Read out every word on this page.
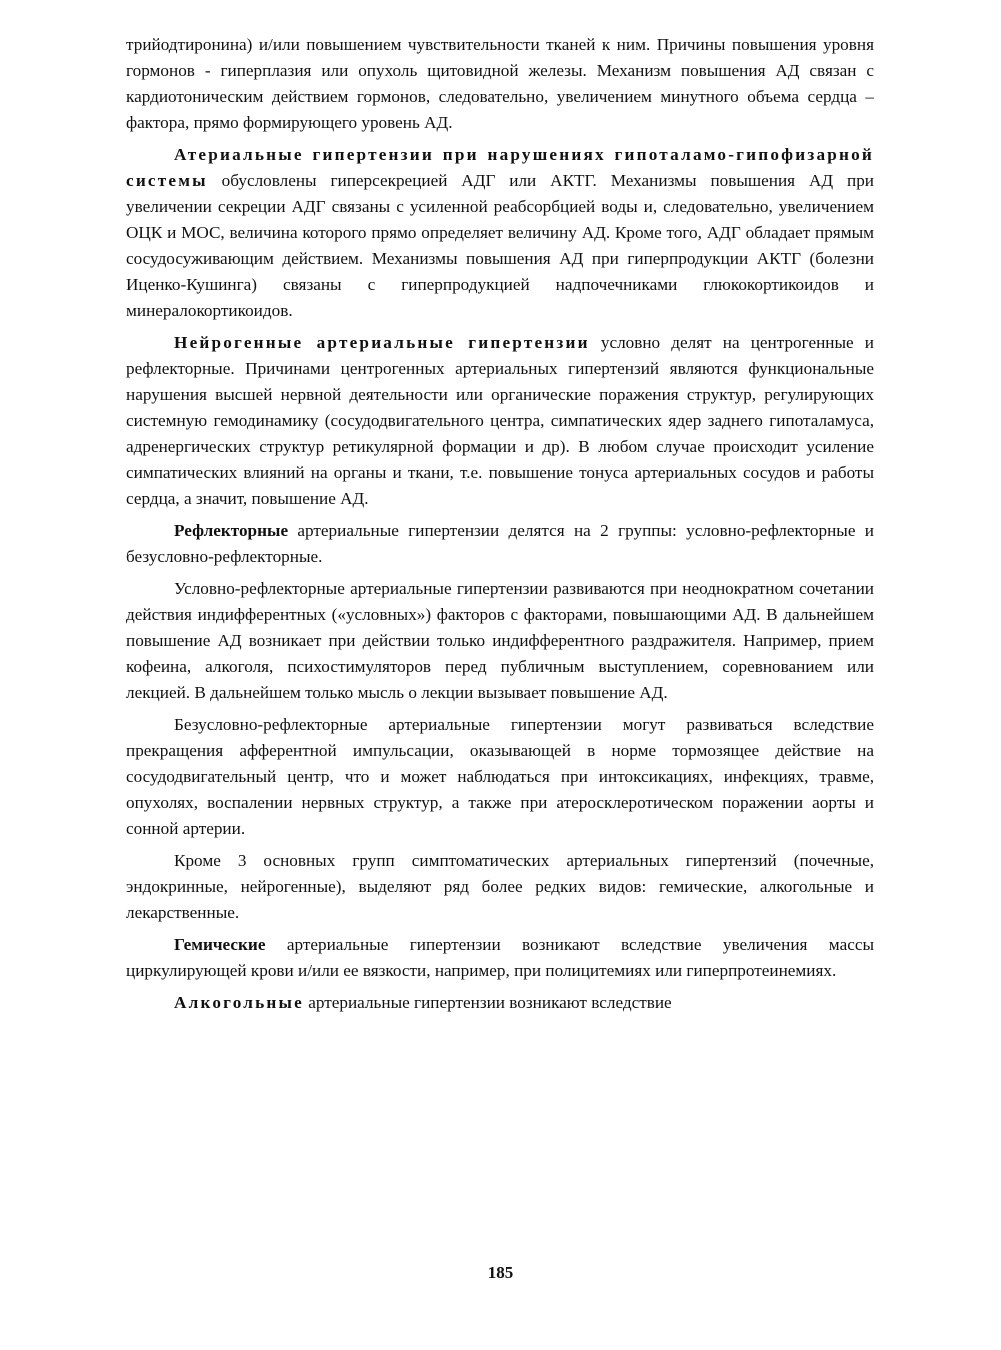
трийодтиронина) и/или повышением чувствительности тканей к ним. Причины повышения уровня гормонов - гиперплазия или опухоль щитовидной железы. Механизм повышения АД связан с кардиотоническим действием гормонов, следовательно, увеличением минутного объема сердца – фактора, прямо формирующего уровень АД.

Атериальные гипертензии при нарушениях гипоталамо-гипофизарной системы обусловлены гиперсекрецией АДГ или АКТГ. Механизмы повышения АД при увеличении секреции АДГ связаны с усиленной реабсорбцией воды и, следовательно, увеличением ОЦК и МОС, величина которого прямо определяет величину АД. Кроме того, АДГ обладает прямым сосудосуживающим действием. Механизмы повышения АД при гиперпродукции АКТГ (болезни Иценко-Кушинга) связаны с гиперпродукцией надпочечниками глюкокортикоидов и минералокортикоидов.

Нейрогенные артериальные гипертензии условно делят на центрогенные и рефлекторные. Причинами центрогенных артериальных гипертензий являются функциональные нарушения высшей нервной деятельности или органические поражения структур, регулирующих системную гемодинамику (сосудодвигательного центра, симпатических ядер заднего гипоталамуса, адренергических структур ретикулярной формации и др). В любом случае происходит усиление симпатических влияний на органы и ткани, т.е. повышение тонуса артериальных сосудов и работы сердца, а значит, повышение АД.

Рефлекторные артериальные гипертензии делятся на 2 группы: условно-рефлекторные и безусловно-рефлекторные.

Условно-рефлекторные артериальные гипертензии развиваются при неоднократном сочетании действия индифферентных («условных») факторов с факторами, повышающими АД. В дальнейшем повышение АД возникает при действии только индифферентного раздражителя. Например, прием кофеина, алкоголя, психостимуляторов перед публичным выступлением, соревнованием или лекцией. В дальнейшем только мысль о лекции вызывает повышение АД.

Безусловно-рефлекторные артериальные гипертензии могут развиваться вследствие прекращения афферентной импульсации, оказывающей в норме тормозящее действие на сосудодвигательный центр, что и может наблюдаться при интоксикациях, инфекциях, травме, опухолях, воспалении нервных структур, а также при атеросклеротическом поражении аорты и сонной артерии.

Кроме 3 основных групп симптоматических артериальных гипертензий (почечные, эндокринные, нейрогенные), выделяют ряд более редких видов: гемические, алкогольные и лекарственные.

Гемические артериальные гипертензии возникают вследствие увеличения массы циркулирующей крови и/или ее вязкости, например, при полицитемиях или гиперпротеинемиях.

Алкогольные артериальные гипертензии возникают вследствие

185
